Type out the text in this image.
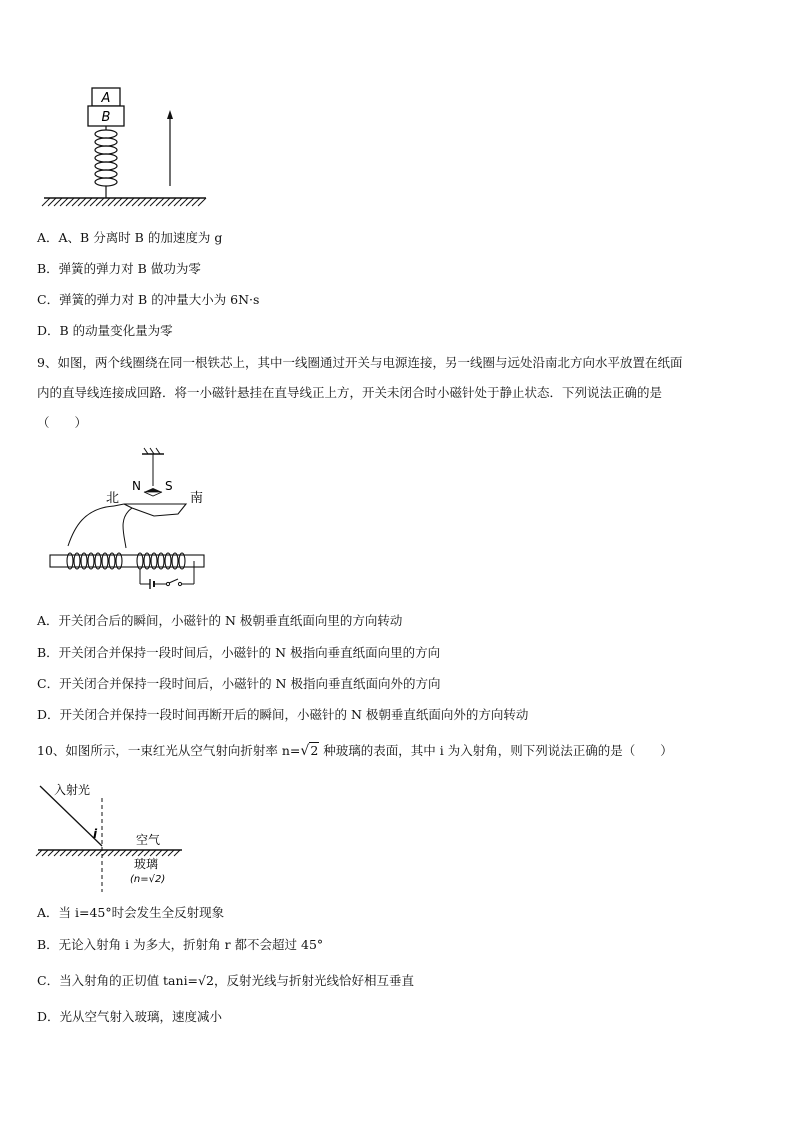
A
B
A．A、B 分离时 B 的加速度为 g
B．弹簧的弹力对 B 做功为零
C．弹簧的弹力对 B 的冲量大小为 6N·s
D．B 的动量变化量为零
9、如图，两个线圈绕在同一根铁芯上，其中一线圈通过开关与电源连接，另一线圈与远处沿南北方向水平放置在纸面
内的直导线连接成回路．将一小磁针悬挂在直导线正上方，开关未闭合时小磁针处于静止状态．下列说法正确的是
（　　）
N S
北	南
A．开关闭合后的瞬间，小磁针的 N 极朝垂直纸面向里的方向转动
B．开关闭合并保持一段时间后，小磁针的 N 极指向垂直纸面向里的方向
C．开关闭合并保持一段时间后，小磁针的 N 极指向垂直纸面向外的方向
D．开关闭合并保持一段时间再断开后的瞬间，小磁针的 N 极朝垂直纸面向外的方向转动
10、如图所示，一束红光从空气射向折射率 n=√2 种玻璃的表面，其中 i 为入射角，则下列说法正确的是（　　）
入射光
i	空气
玻璃
(n=√2)
A．当 i=45°时会发生全反射现象
B．无论入射角 i 为多大，折射角 r 都不会超过 45°
C．当入射角的正切值 tani=√2，反射光线与折射光线恰好相互垂直
D．光从空气射入玻璃，速度减小
